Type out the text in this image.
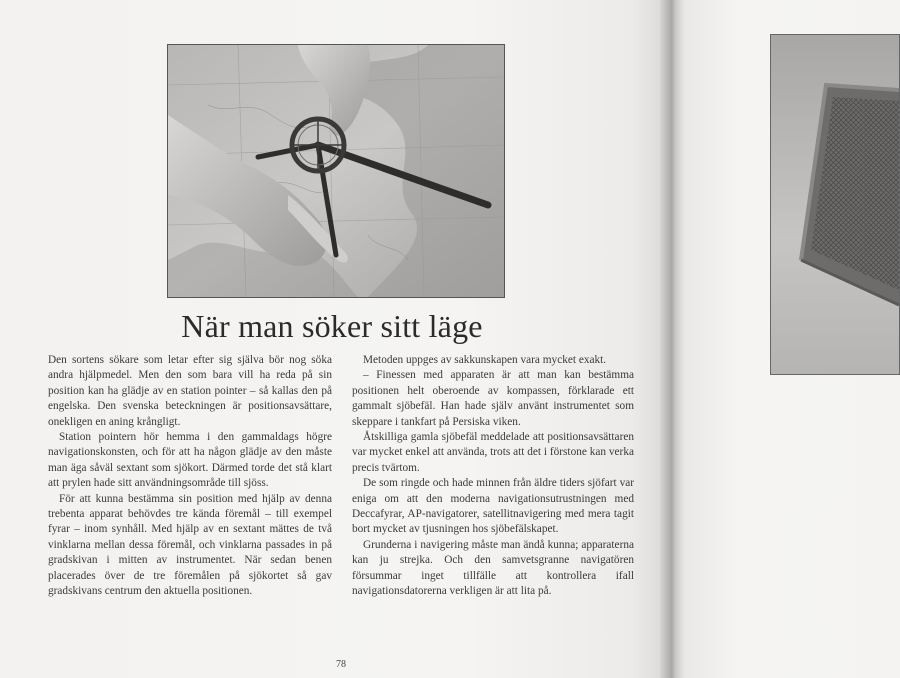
När man söker sitt läge

Den sortens sökare som letar efter sig själva bör nog söka andra hjälpmedel. Men den som bara vill ha reda på sin position kan ha glädje av en station pointer – så kallas den på engelska. Den svenska beteckningen är positionsavsättare, onekligen en aning krångligt.

Station pointern hör hemma i den gammaldags högre navigationskonsten, och för att ha någon glädje av den måste man äga såväl sextant som sjökort. Därmed torde det stå klart att prylen hade sitt användningsområde till sjöss.

För att kunna bestämma sin position med hjälp av denna trebenta apparat behövdes tre kända föremål – till exempel fyrar – inom synhåll. Med hjälp av en sextant mättes de två vinklarna mellan dessa föremål, och vinklarna passades in på gradskivan i mitten av instrumentet. När sedan benen placerades över de tre föremålen på sjökortet så gav gradskivans centrum den aktuella positionen.

Metoden uppges av sakkunskapen vara mycket exakt.

– Finessen med apparaten är att man kan bestämma positionen helt oberoende av kompassen, förklarade ett gammalt sjöbefäl. Han hade själv använt instrumentet som skeppare i tankfart på Persiska viken.

Åtskilliga gamla sjöbefäl meddelade att positionsavsättaren var mycket enkel att använda, trots att det i förstone kan verka precis tvärtom.

De som ringde och hade minnen från äldre tiders sjöfart var eniga om att den moderna navigationsutrustningen med Deccafyrar, AP-navigatorer, satellitnavigering med mera tagit bort mycket av tjusningen hos sjöbefälskapet.

Grunderna i navigering måste man ändå kunna; apparaterna kan ju strejka. Och den samvetsgranne navigatören försummar inget tillfälle att kontrollera ifall navigationsdatorerna verkligen är att lita på.

78
